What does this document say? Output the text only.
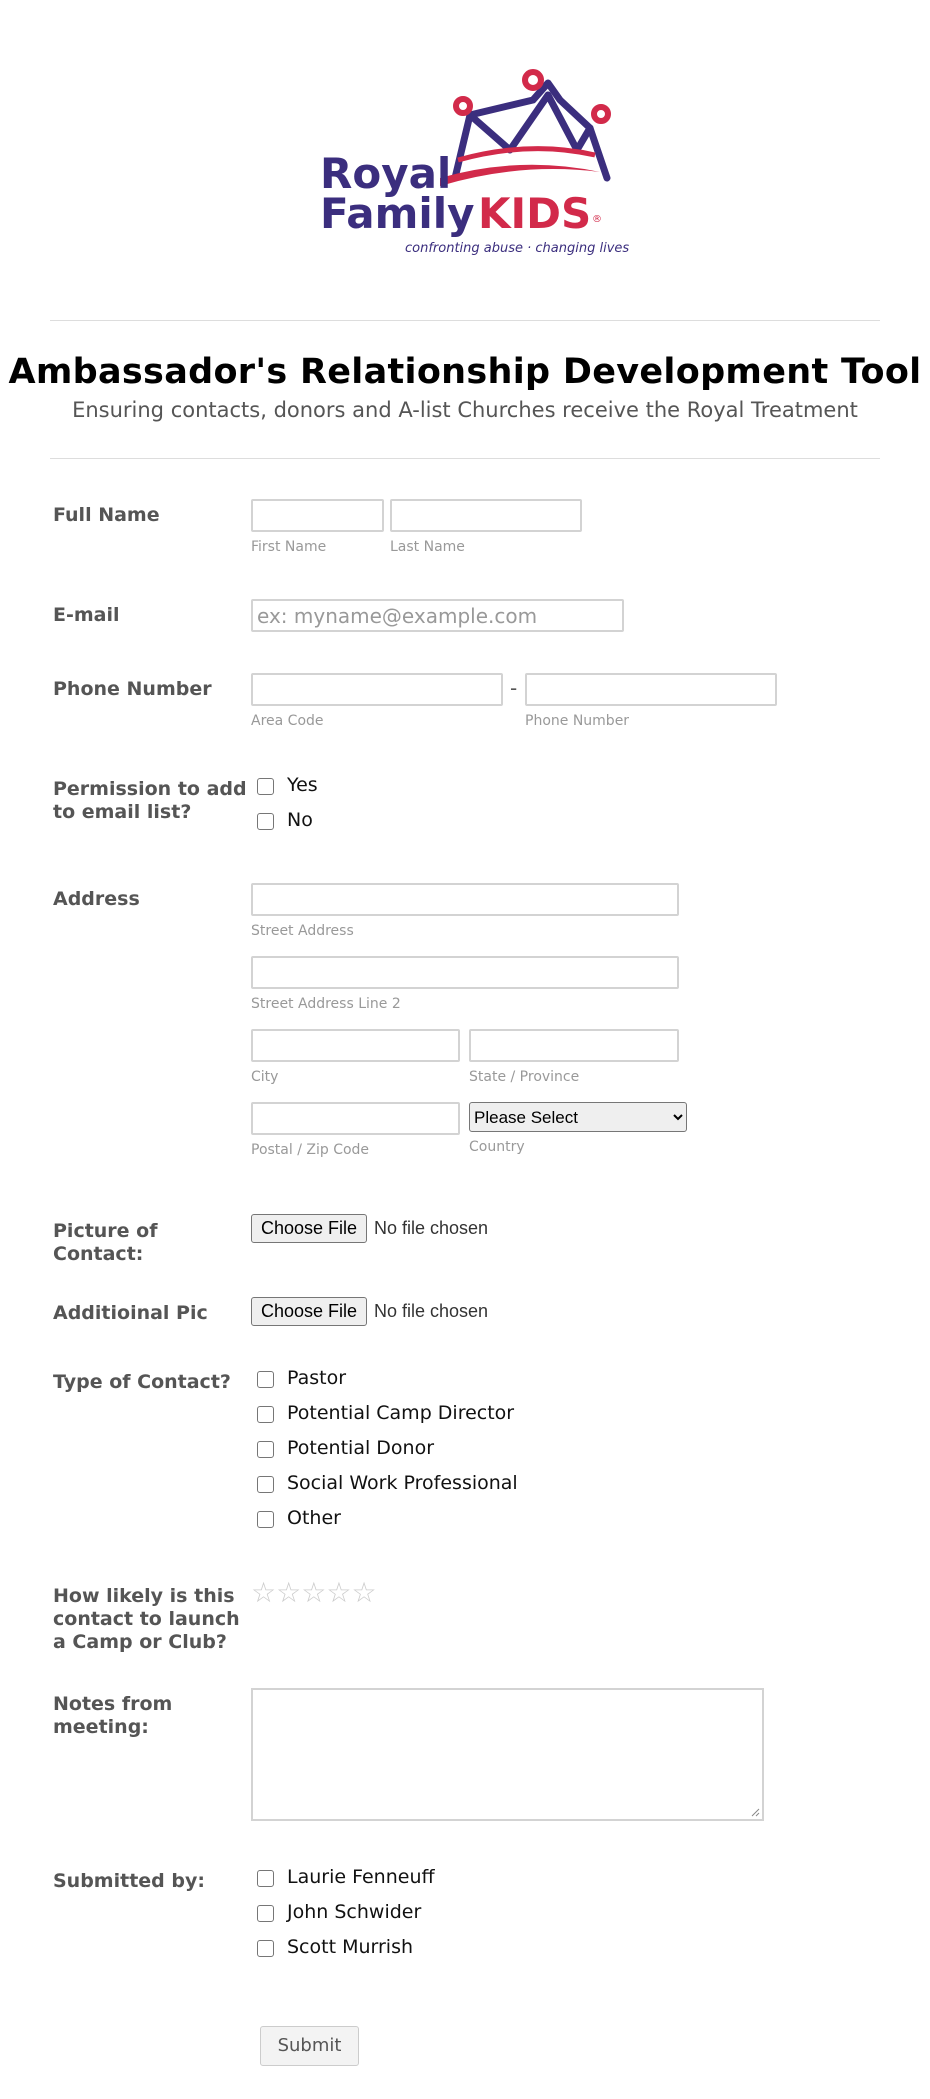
Royal
Family KIDS ®
confronting abuse · changing lives
Ambassador's Relationship Development Tool
Ensuring contacts, donors and A-list Churches receive the Royal Treatment
Full Name
First Name	Last Name
E-mail
ex: myname@example.com
Phone Number	-
Area Code	Phone Number
Permission to add to email list?
Yes
No
Address
Street Address
Street Address Line 2
City	State / Province
Please Select
Postal / Zip Code	Country
Picture of Contact:
Choose File No file chosen
Additioinal Pic	Choose File No file chosen
Type of Contact?	Pastor
Potential Camp Director
Potential Donor
Social Work Professional
Other
How likely is this contact to launch a Camp or Club?
☆ ☆ ☆ ☆ ☆
Notes from meeting:
Submitted by:	Laurie Fenneuff
John Schwider
Scott Murrish
Submit
